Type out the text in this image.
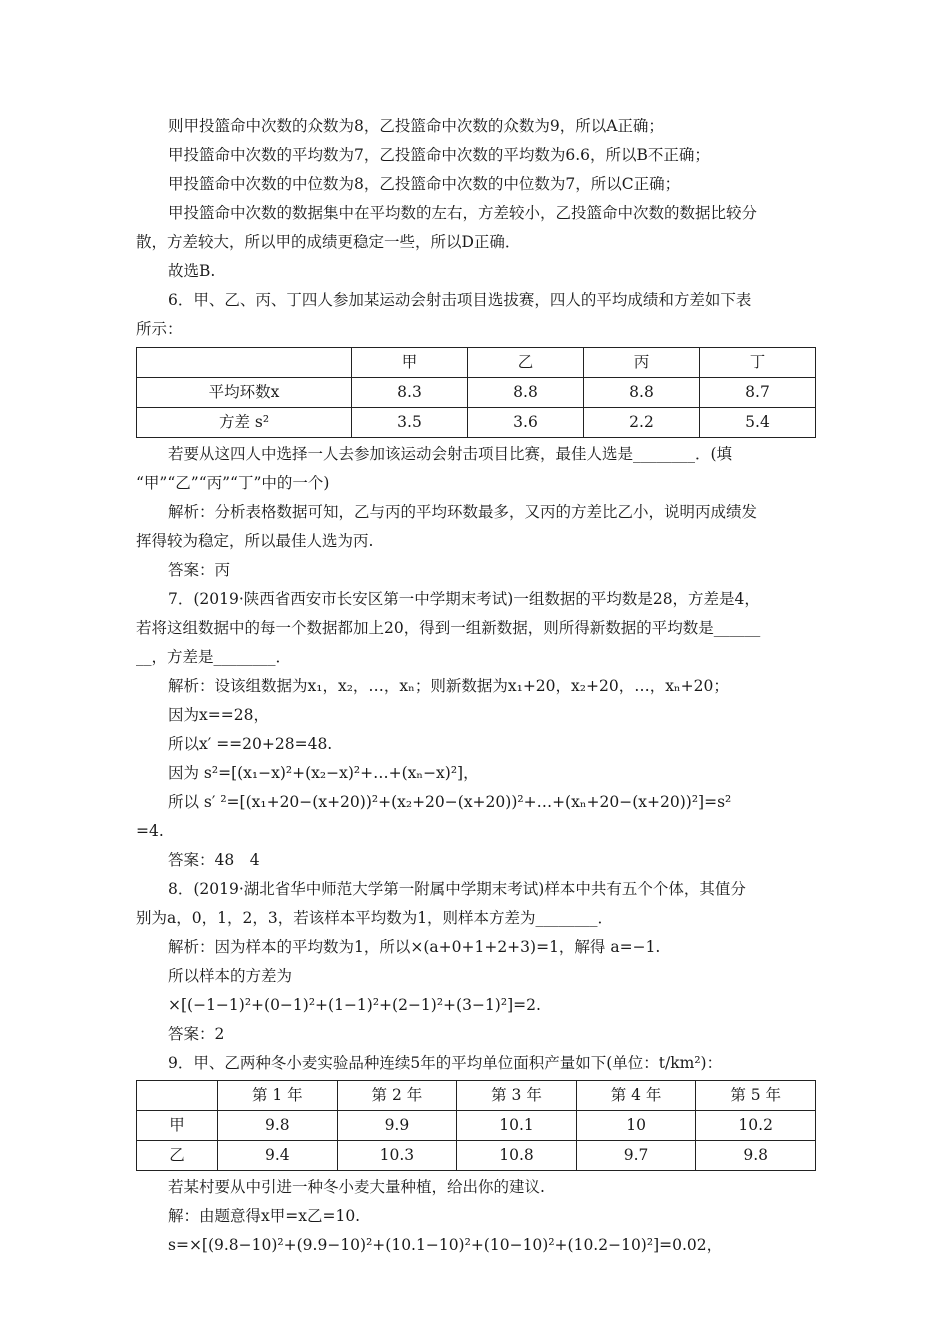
则甲投篮命中次数的众数为8，乙投篮命中次数的众数为9，所以A正确；
甲投篮命中次数的平均数为7，乙投篮命中次数的平均数为6.6，所以B不正确；
甲投篮命中次数的中位数为8，乙投篮命中次数的中位数为7，所以C正确；
甲投篮命中次数的数据集中在平均数的左右，方差较小，乙投篮命中次数的数据比较分
散，方差较大，所以甲的成绩更稳定一些，所以D正确．
故选B.
6．甲、乙、丙、丁四人参加某运动会射击项目选拔赛，四人的平均成绩和方差如下表
所示：
	甲	乙	丙	丁
平均环数x	8.3	8.8	8.8	8.7
方差 s²	3.5	3.6	2.2	5.4
若要从这四人中选择一人去参加该运动会射击项目比赛，最佳人选是________．(填
“甲”“乙”“丙”“丁”中的一个)
解析：分析表格数据可知，乙与丙的平均环数最多，又丙的方差比乙小，说明丙成绩发
挥得较为稳定，所以最佳人选为丙.
答案：丙
7．(2019·陕西省西安市长安区第一中学期末考试)一组数据的平均数是28，方差是4，
若将这组数据中的每一个数据都加上20，得到一组新数据，则所得新数据的平均数是______
__，方差是________．
解析：设该组数据为x₁，x₂，…，xₙ；则新数据为x₁+20，x₂+20，…，xₙ+20；
因为x==28，
所以x′ ==20+28=48.
因为 s²=[(x₁−x)²+(x₂−x)²+…+(xₙ−x)²]，
所以 s′ ²=[(x₁+20−(x+20))²+(x₂+20−(x+20))²+…+(xₙ+20−(x+20))²]=s²
=4.
答案：48　4
8．(2019·湖北省华中师范大学第一附属中学期末考试)样本中共有五个个体，其值分
别为a，0，1，2，3，若该样本平均数为1，则样本方差为________．
解析：因为样本的平均数为1，所以×(a+0+1+2+3)=1，解得 a=−1.
所以样本的方差为
×[(−1−1)²+(0−1)²+(1−1)²+(2−1)²+(3−1)²]=2.
答案：2
9．甲、乙两种冬小麦实验品种连续5年的平均单位面积产量如下(单位：t/km²)：
	第 1 年	第 2 年	第 3 年	第 4 年	第 5 年
甲	9.8	9.9	10.1	10	10.2
乙	9.4	10.3	10.8	9.7	9.8
若某村要从中引进一种冬小麦大量种植，给出你的建议.
解：由题意得x甲=x乙=10.
s=×[(9.8−10)²+(9.9−10)²+(10.1−10)²+(10−10)²+(10.2−10)²]=0.02，
